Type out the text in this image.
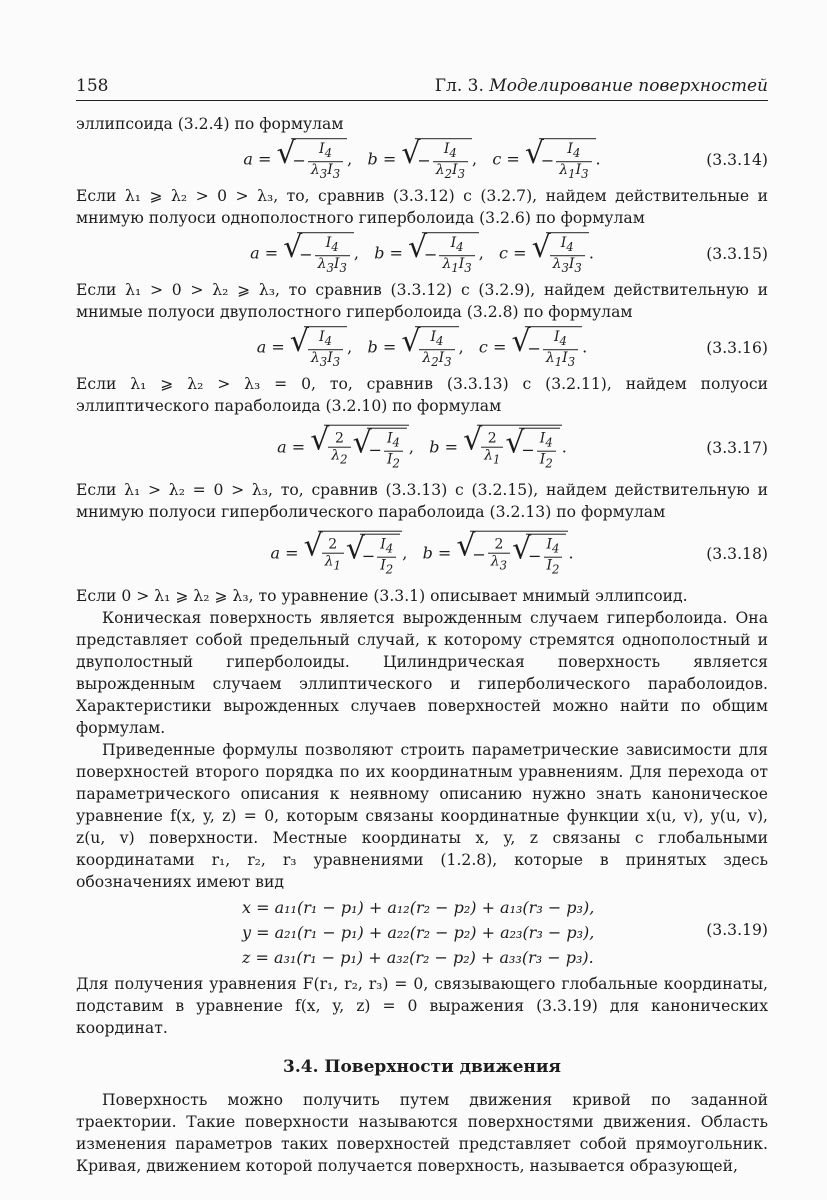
158	Гл. 3. Моделирование поверхностей

эллипсоида (3.2.4) по формулам

a = √
− $\frac{I_4}{\lambda_3I_3}$ ,   b = √
− $\frac{I_4}{\lambda_2I_3}$ ,   c = √
− $\frac{I_4}{\lambda_1I_3}$ .	(3.3.14)

Если λ₁ ⩾ λ₂ > 0 > λ₃, то, сравнив (3.3.12) с (3.2.7), найдем действительные и мнимую полуоси однополостного гиперболоида (3.2.6) по формулам

a = √
− $\frac{I_4}{\lambda_3I_3}$ ,   b = √
− $\frac{I_4}{\lambda_1I_3}$ ,   c = √
$\frac{I_4}{\lambda_3I_3}$ .	(3.3.15)

Если λ₁ > 0 > λ₂ ⩾ λ₃, то сравнив (3.3.12) с (3.2.9), найдем действительную и мнимые полуоси двуполостного гиперболоида (3.2.8) по формулам

a = √
$\frac{I_4}{\lambda_3I_3}$ ,   b = √
$\frac{I_4}{\lambda_2I_3}$ ,   c = √
− $\frac{I_4}{\lambda_1I_3}$ .	(3.3.16)

Если λ₁ ⩾ λ₂ > λ₃ = 0, то, сравнив (3.3.13) с (3.2.11), найдем полуоси эллиптического параболоида (3.2.10) по формулам

a = √
$\frac{2}{\lambda_2}$ √
− $\frac{I_4}{I_2}$ ,   b = √
$\frac{2}{\lambda_1}$ √
− $\frac{I_4}{I_2}$ .	(3.3.17)

Если λ₁ > λ₂ = 0 > λ₃, то, сравнив (3.3.13) с (3.2.15), найдем действительную и мнимую полуоси гиперболического параболоида (3.2.13) по формулам

a = √
$\frac{2}{\lambda_1}$ √
− $\frac{I_4}{I_2}$ ,   b = √
− $\frac{2}{\lambda_3}$ √
− $\frac{I_4}{I_2}$ .	(3.3.18)

Если 0 > λ₁ ⩾ λ₂ ⩾ λ₃, то уравнение (3.3.1) описывает мнимый эллипсоид.

Коническая поверхность является вырожденным случаем гиперболоида. Она представляет собой предельный случай, к которому стремятся однополостный и двуполостный гиперболоиды. Цилиндрическая поверхность является вырожденным случаем эллиптического и гиперболического параболоидов. Характеристики вырожденных случаев поверхностей можно найти по общим формулам.

Приведенные формулы позволяют строить параметрические зависимости для поверхностей второго порядка по их координатным уравнениям. Для перехода от параметрического описания к неявному описанию нужно знать каноническое уравнение f(x, y, z) = 0, которым связаны координатные функции x(u, v), y(u, v), z(u, v) поверхности. Местные координаты x, y, z связаны с глобальными координатами r₁, r₂, r₃ уравнениями (1.2.8), которые в принятых здесь обозначениях имеют вид

x = a₁₁(r₁ − p₁) + a₁₂(r₂ − p₂) + a₁₃(r₃ − p₃),
y = a₂₁(r₁ − p₁) + a₂₂(r₂ − p₂) + a₂₃(r₃ − p₃),
z = a₃₁(r₁ − p₁) + a₃₂(r₂ − p₂) + a₃₃(r₃ − p₃).
(3.3.19)

Для получения уравнения F(r₁, r₂, r₃) = 0, связывающего глобальные координаты, подставим в уравнение f(x, y, z) = 0 выражения (3.3.19) для канонических координат.

3.4. Поверхности движения

Поверхность можно получить путем движения кривой по заданной траектории. Такие поверхности называются поверхностями движения. Область изменения параметров таких поверхностей представляет собой прямоугольник. Кривая, движением которой получается поверхность, называется образующей,
